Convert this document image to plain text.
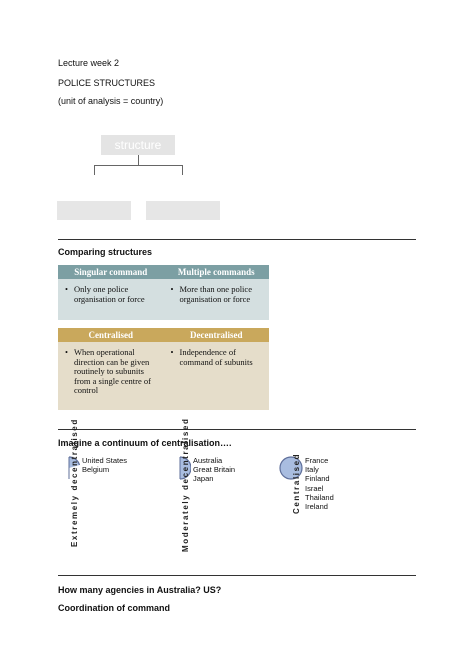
Lecture week 2
POLICE STRUCTURES
(unit of analysis = country)
structure
Comparing structures
Singular command	Multiple commands
• Only one police organisation or force
• More than one police organisation or force
Centralised	Decentralised
• When operational direction can be given routinely to subunits from a single centre of control
• Independence of command of subunits
Imagine a continuum of centralisation….
Extremely decentralised United States
Belgium	Moderately decentralised Australia
Great Britain
Japan	Centralised France
Italy
Finland
Israel
Thailand
Ireland
How many agencies in Australia? US?
Coordination of command
